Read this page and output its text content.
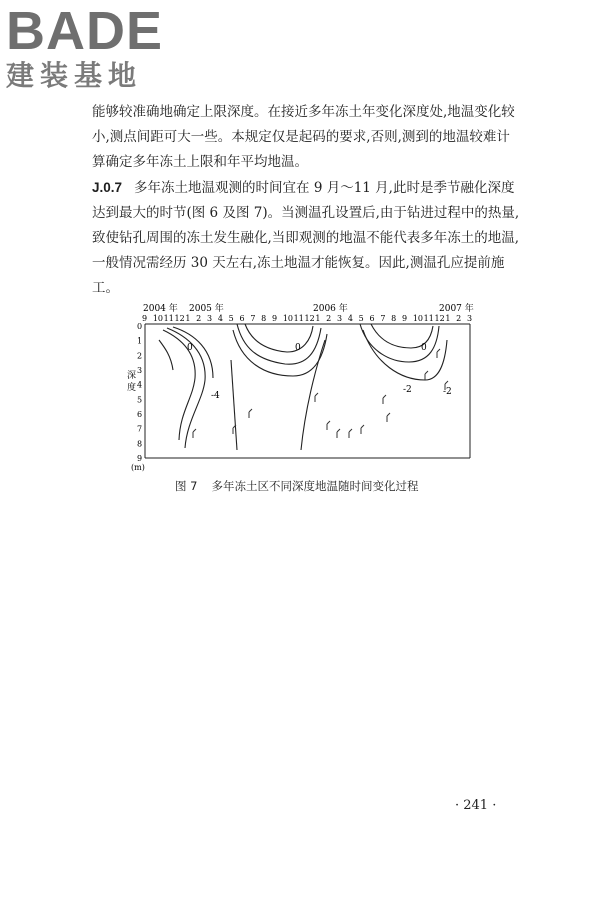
BADE
建装基地

能够较准确地确定上限深度。在接近多年冻土年变化深度处,地温变化较小,测点间距可大一些。本规定仅是起码的要求,否则,测到的地温较难计算确定多年冻土上限和年平均地温。

J.0.7 多年冻土地温观测的时间宜在 9 月～11 月,此时是季节融化深度达到最大的时节(图 6 及图 7)。当测温孔设置后,由于钻进过程中的热量,致使钻孔周围的冻土发生融化,当即观测的地温不能代表多年冻土的地温,一般情况需经历 30 天左右,冻土地温才能恢复。因此,测温孔应提前施工。

2004 年 2005 年	2006 年	2007 年
9 10 11 12 1 2 3 4 5 6 7 8 9 10 11 12 1 2 3 4 5 6 7 8 9 10 11 12 1 2 3
0
1
2
3
4
5
6
7
8
9
深 度
(m)
0
-4
0
-2
0
-2
图 7 多年冻土区不同深度地温随时间变化过程
· 241 ·
